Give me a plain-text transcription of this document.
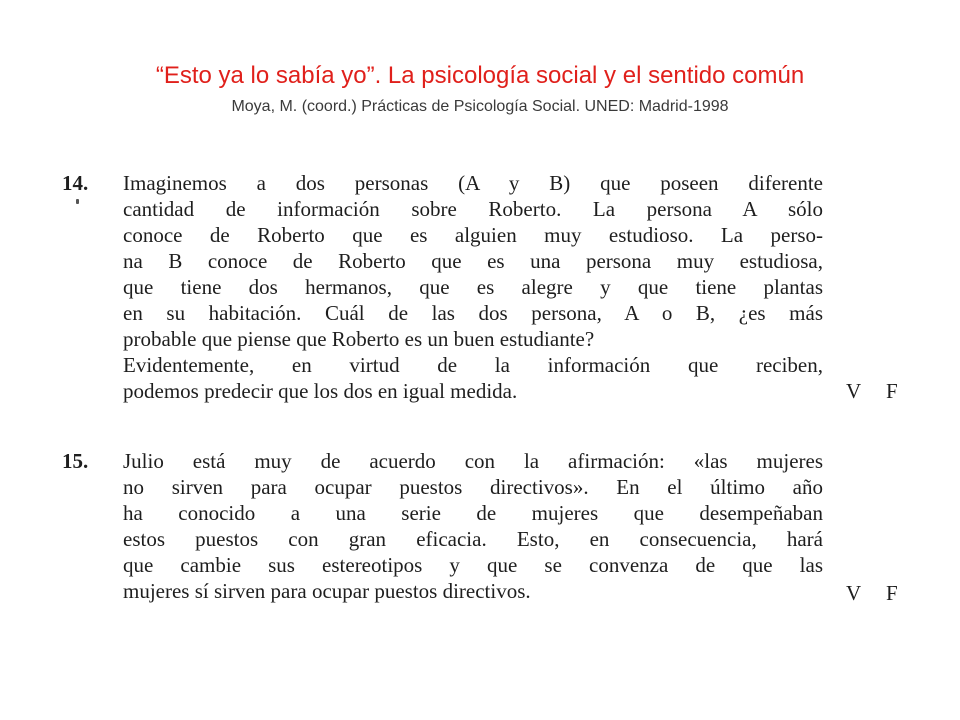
“Esto ya lo sabía yo”. La psicología social y el sentido común
Moya, M. (coord.) Prácticas de Psicología Social. UNED: Madrid-1998
14. Imaginemos a dos personas (A y B) que poseen diferente
cantidad de información sobre Roberto. La persona A sólo
conoce de Roberto que es alguien muy estudioso. La perso-
na B conoce de Roberto que es una persona muy estudiosa,
que tiene dos hermanos, que es alegre y que tiene plantas
en su habitación. Cuál de las dos persona, A o B, ¿es más
probable que piense que Roberto es un buen estudiante?
Evidentemente, en virtud de la información que reciben,
podemos predecir que los dos en igual medida.	V F
15. Julio está muy de acuerdo con la afirmación: «las mujeres
no sirven para ocupar puestos directivos». En el último año
ha conocido a una serie de mujeres que desempeñaban
estos puestos con gran eficacia. Esto, en consecuencia, hará
que cambie sus estereotipos y que se convenza de que las
mujeres sí sirven para ocupar puestos directivos.	V F
